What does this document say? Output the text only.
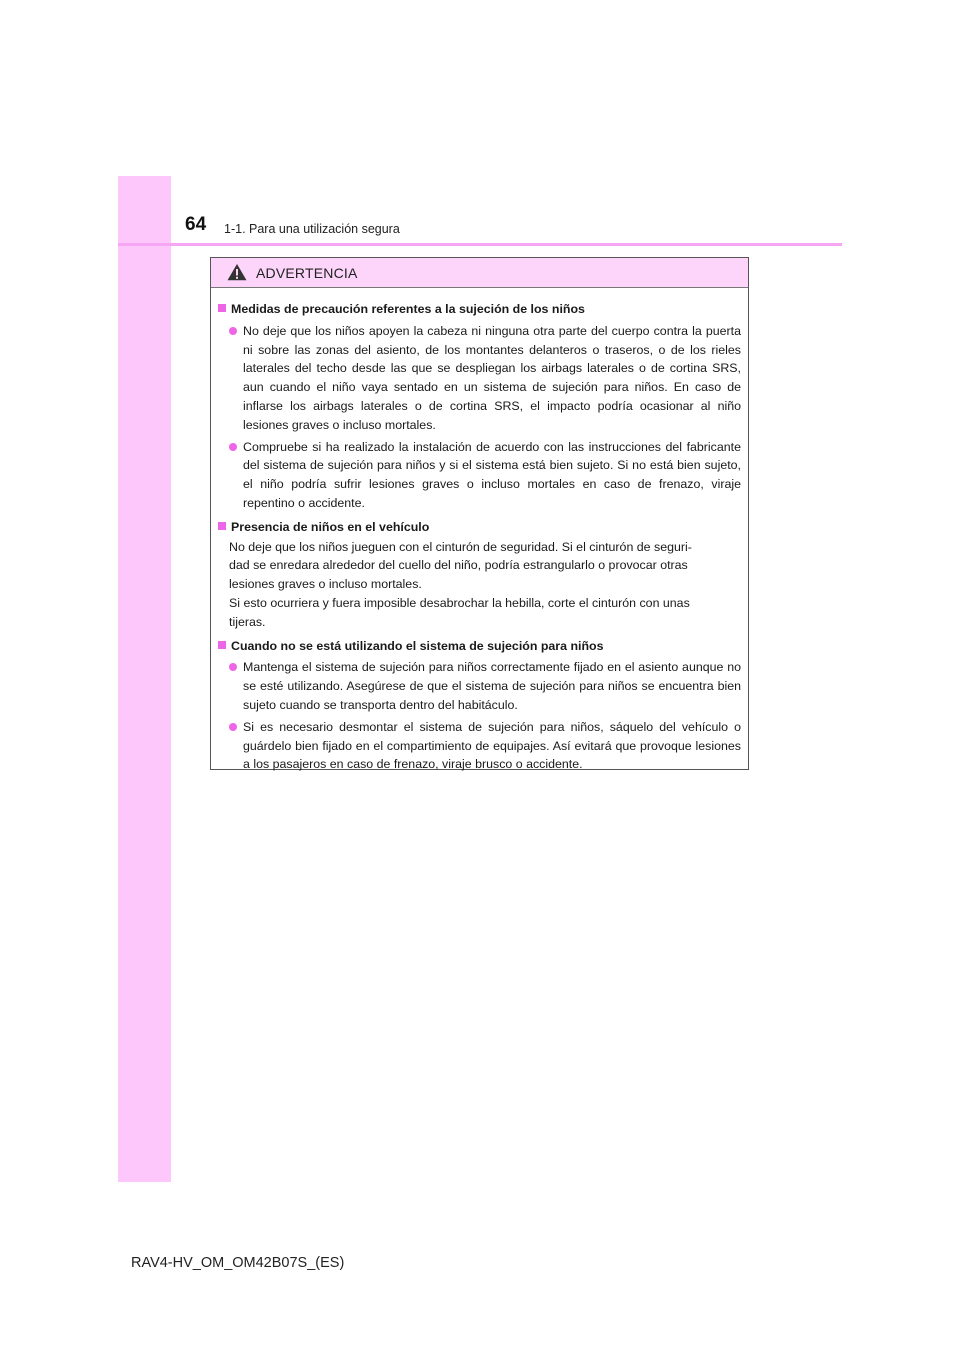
64 1-1. Para una utilización segura
ADVERTENCIA
Medidas de precaución referentes a la sujeción de los niños
No deje que los niños apoyen la cabeza ni ninguna otra parte del cuerpo contra la puerta ni sobre las zonas del asiento, de los montantes delanteros o traseros, o de los rieles laterales del techo desde las que se despliegan los airbags laterales o de cortina SRS, aun cuando el niño vaya sentado en un sistema de sujeción para niños. En caso de inflarse los airbags laterales o de cortina SRS, el impacto podría ocasionar al niño lesiones graves o incluso mortales.
Compruebe si ha realizado la instalación de acuerdo con las instrucciones del fabricante del sistema de sujeción para niños y si el sistema está bien sujeto. Si no está bien sujeto, el niño podría sufrir lesiones graves o incluso mortales en caso de frenazo, viraje repentino o accidente.
Presencia de niños en el vehículo
No deje que los niños jueguen con el cinturón de seguridad. Si el cinturón de seguri-
dad se enredara alrededor del cuello del niño, podría estrangularlo o provocar otras
lesiones graves o incluso mortales.
Si esto ocurriera y fuera imposible desabrochar la hebilla, corte el cinturón con unas
tijeras.
Cuando no se está utilizando el sistema de sujeción para niños
Mantenga el sistema de sujeción para niños correctamente fijado en el asiento aunque no se esté utilizando. Asegúrese de que el sistema de sujeción para niños se encuentra bien sujeto cuando se transporta dentro del habitáculo.
Si es necesario desmontar el sistema de sujeción para niños, sáquelo del vehículo o guárdelo bien fijado en el compartimiento de equipajes. Así evitará que provoque lesiones a los pasajeros en caso de frenazo, viraje brusco o accidente.
RAV4-HV_OM_OM42B07S_(ES)
